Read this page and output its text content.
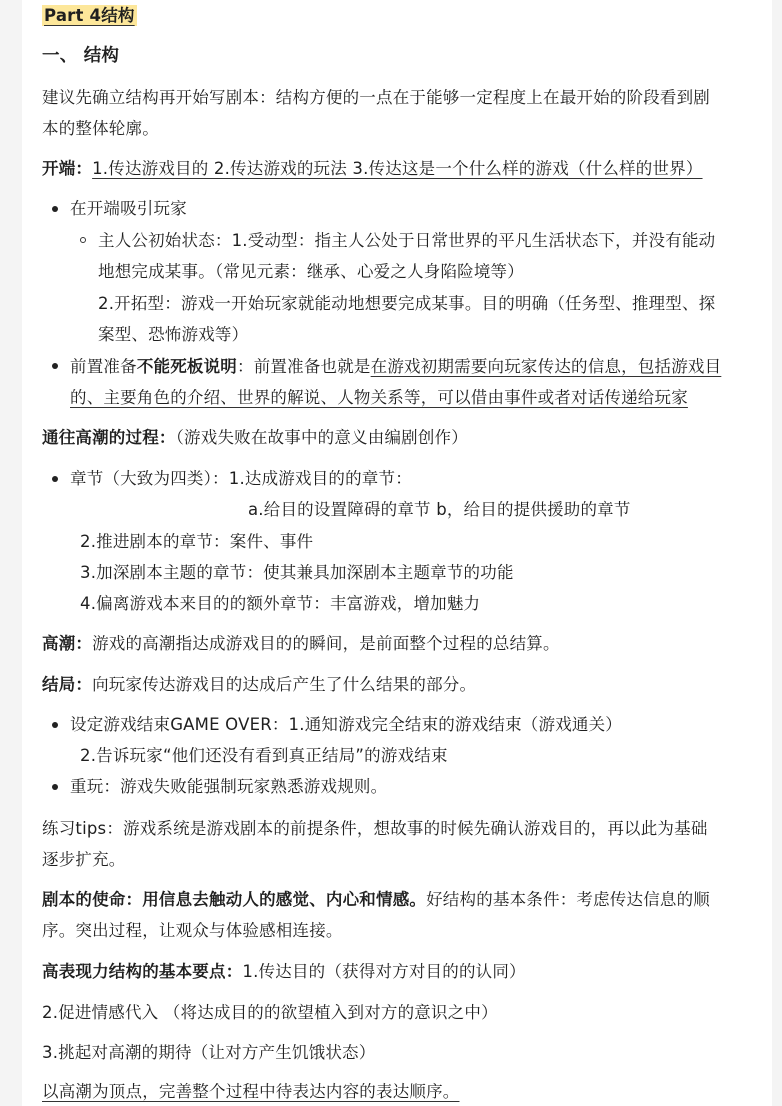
Part 4结构
一、 结构
建议先确立结构再开始写剧本：结构方便的一点在于能够一定程度上在最开始的阶段看到剧
本的整体轮廓。
开端：1.传达游戏目的 2.传达游戏的玩法 3.传达这是一个什么样的游戏（什么样的世界）
在开端吸引玩家
主人公初始状态：1.受动型：指主人公处于日常世界的平凡生活状态下，并没有能动
地想完成某事。（常见元素：继承、心爱之人身陷险境等）
2.开拓型：游戏一开始玩家就能动地想要完成某事。目的明确（任务型、推理型、探
案型、恐怖游戏等）
前置准备不能死板说明：前置准备也就是在游戏初期需要向玩家传达的信息，包括游戏目
的、主要角色的介绍、世界的解说、人物关系等，可以借由事件或者对话传递给玩家
通往高潮的过程：（游戏失败在故事中的意义由编剧创作）
章节（大致为四类）：1.达成游戏目的的章节：
a.给目的设置障碍的章节 b，给目的提供援助的章节
2.推进剧本的章节：案件、事件
3.加深剧本主题的章节：使其兼具加深剧本主题章节的功能
4.偏离游戏本来目的的额外章节：丰富游戏，增加魅力
高潮：游戏的高潮指达成游戏目的的瞬间，是前面整个过程的总结算。
结局：向玩家传达游戏目的达成后产生了什么结果的部分。
设定游戏结束GAME OVER：1.通知游戏完全结束的游戏结束（游戏通关）
2.告诉玩家“他们还没有看到真正结局”的游戏结束
重玩：游戏失败能强制玩家熟悉游戏规则。
练习tips：游戏系统是游戏剧本的前提条件，想故事的时候先确认游戏目的，再以此为基础
逐步扩充。
剧本的使命：用信息去触动人的感觉、内心和情感。好结构的基本条件：考虑传达信息的顺
序。突出过程，让观众与体验感相连接。
高表现力结构的基本要点：1.传达目的（获得对方对目的的认同）
2.促进情感代入 （将达成目的的欲望植入到对方的意识之中）
3.挑起对高潮的期待（让对方产生饥饿状态）
以高潮为顶点，完善整个过程中待表达内容的表达顺序。
